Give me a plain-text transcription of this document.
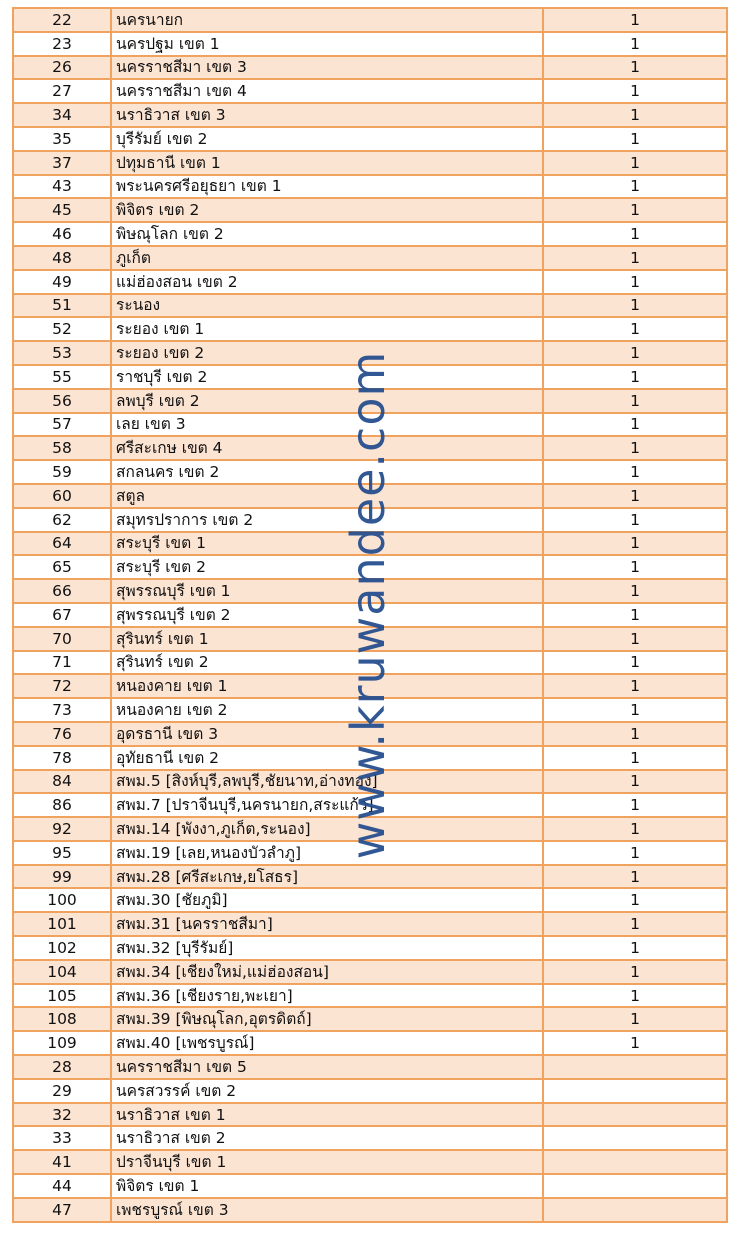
22	นครนายก	1
23	นครปฐม เขต 1	1
26	นครราชสีมา เขต 3	1
27	นครราชสีมา เขต 4	1
34	นราธิวาส เขต 3	1
35	บุรีรัมย์ เขต 2	1
37	ปทุมธานี เขต 1	1
43	พระนครศรีอยุธยา เขต 1	1
45	พิจิตร เขต 2	1
46	พิษณุโลก เขต 2	1
48	ภูเก็ต	1
49	แม่ฮ่องสอน เขต 2	1
51	ระนอง	1
52	ระยอง เขต 1	1
53	ระยอง เขต 2	1
55	ราชบุรี เขต 2	1
56	ลพบุรี เขต 2	1
57	เลย เขต 3	1
58	ศรีสะเกษ เขต 4	1
59	สกลนคร เขต 2	1
60	สตูล	1
62	สมุทรปราการ เขต 2	1
64	สระบุรี เขต 1	1
65	สระบุรี เขต 2	1
66	สุพรรณบุรี เขต 1	1
67	สุพรรณบุรี เขต 2	1
70	สุรินทร์ เขต 1	1
71	สุรินทร์ เขต 2	1
72	หนองคาย เขต 1	1
73	หนองคาย เขต 2	1
76	อุดรธานี เขต 3	1
78	อุทัยธานี เขต 2	1
84	สพม.5 [สิงห์บุรี,ลพบุรี,ชัยนาท,อ่างทอง]	1
86	สพม.7 [ปราจีนบุรี,นครนายก,สระแก้ว]	1
92	สพม.14 [พังงา,ภูเก็ต,ระนอง]	1
95	สพม.19 [เลย,หนองบัวลำภู]	1
99	สพม.28 [ศรีสะเกษ,ยโสธร]	1
100	สพม.30 [ชัยภูมิ]	1
101	สพม.31 [นครราชสีมา]	1
102	สพม.32 [บุรีรัมย์]	1
104	สพม.34 [เชียงใหม่,แม่ฮ่องสอน]	1
105	สพม.36 [เชียงราย,พะเยา]	1
108	สพม.39 [พิษณุโลก,อุตรดิตถ์]	1
109	สพม.40 [เพชรบูรณ์]	1
28	นครราชสีมา เขต 5	
29	นครสวรรค์ เขต 2	
32	นราธิวาส เขต 1	
33	นราธิวาส เขต 2	
41	ปราจีนบุรี เขต 1	
44	พิจิตร เขต 1	
47	เพชรบูรณ์ เขต 3	
www.kruwandee.com
